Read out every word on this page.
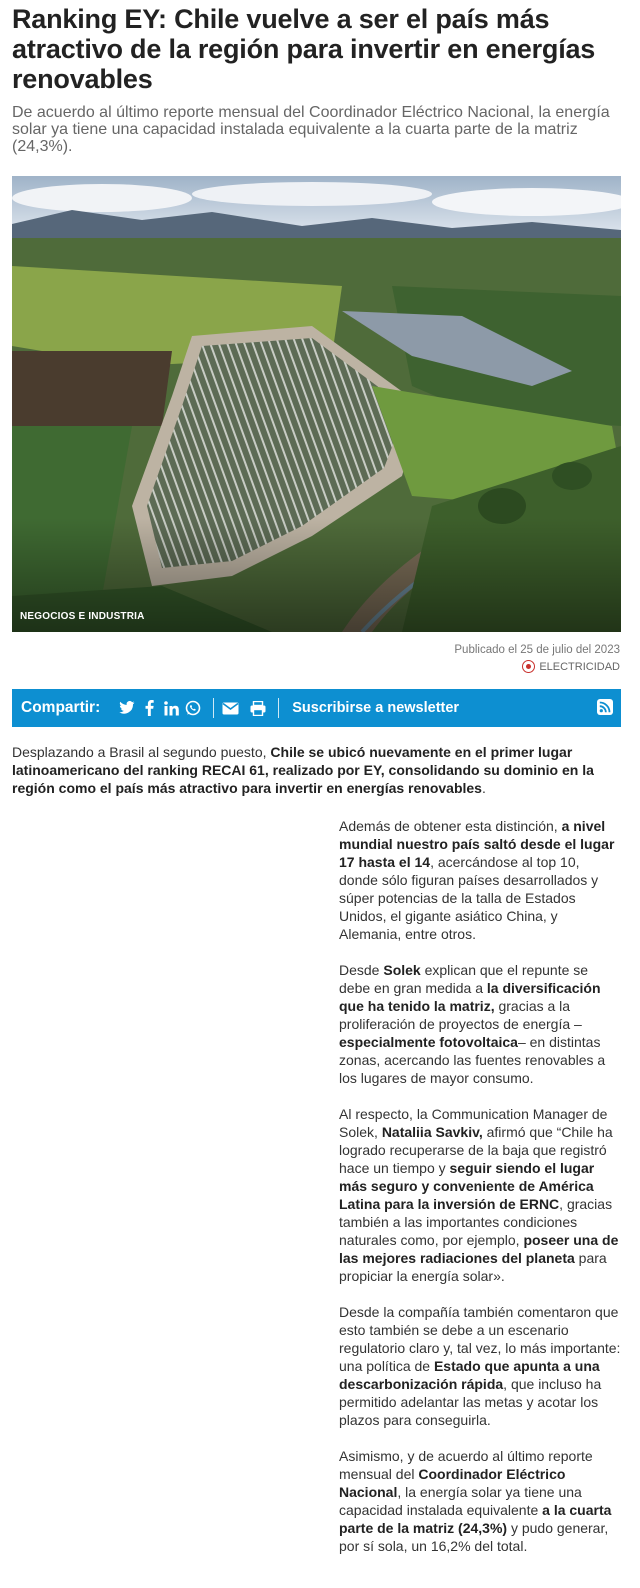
Ranking EY: Chile vuelve a ser el país más atractivo de la región para invertir en energías renovables

De acuerdo al último reporte mensual del Coordinador Eléctrico Nacional, la energía solar ya tiene una capacidad instalada equivalente a la cuarta parte de la matriz (24,3%).

NEGOCIOS E INDUSTRIA
Publicado el 25 de julio del 2023
ELECTRICIDAD
Compartir:	Suscribirse a newsletter

Desplazando a Brasil al segundo puesto, Chile se ubicó nuevamente en el primer lugar latinoamericano del ranking RECAI 61, realizado por EY, consolidando su dominio en la región como el país más atractivo para invertir en energías renovables.

Además de obtener esta distinción, a nivel mundial nuestro país saltó desde el lugar 17 hasta el 14, acercándose al top 10, donde sólo figuran países desarrollados y súper potencias de la talla de Estados Unidos, el gigante asiático China, y Alemania, entre otros.

Desde Solek explican que el repunte se debe en gran medida a la diversificación que ha tenido la matriz, gracias a la proliferación de proyectos de energía –especialmente fotovoltaica– en distintas zonas, acercando las fuentes renovables a los lugares de mayor consumo.

Al respecto, la Communication Manager de Solek, Nataliia Savkiv, afirmó que “Chile ha logrado recuperarse de la baja que registró hace un tiempo y seguir siendo el lugar más seguro y conveniente de América Latina para la inversión de ERNC, gracias también a las importantes condiciones naturales como, por ejemplo, poseer una de las mejores radiaciones del planeta para propiciar la energía solar».

Desde la compañía también comentaron que esto también se debe a un escenario regulatorio claro y, tal vez, lo más importante: una política de Estado que apunta a una descarbonización rápida, que incluso ha permitido adelantar las metas y acotar los plazos para conseguirla.

Asimismo, y de acuerdo al último reporte mensual del Coordinador Eléctrico Nacional, la energía solar ya tiene una capacidad instalada equivalente a la cuarta parte de la matriz (24,3%) y pudo generar, por sí sola, un 16,2% del total.
